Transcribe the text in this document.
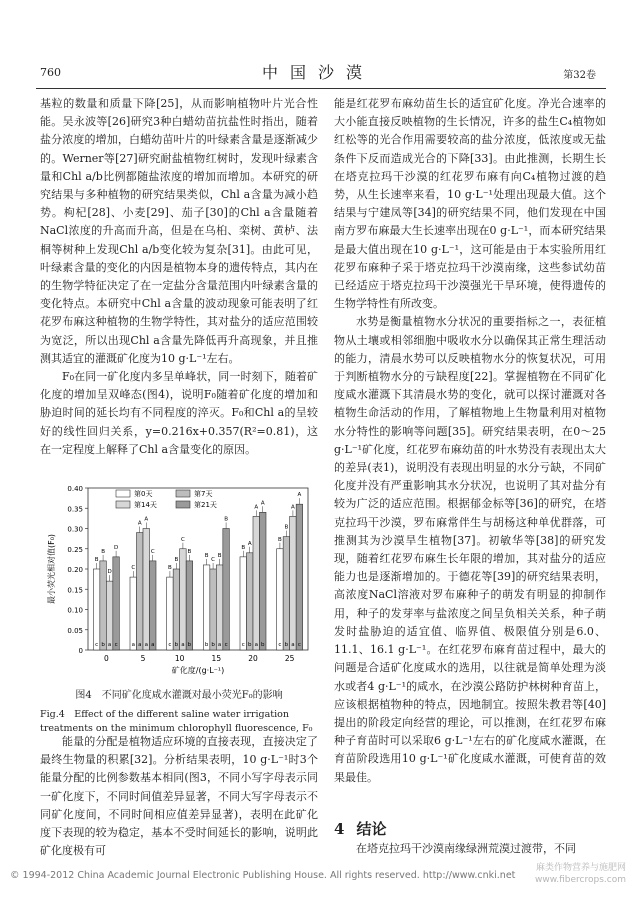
760	中国沙漠	第32卷

基粒的数量和质量下降[25]，从而影响植物叶片光合性能。吴永波等[26]研究3种白蜡幼苗抗盐性时指出，随着盐分浓度的增加，白蜡幼苗叶片的叶绿素含量是逐渐减少的。Werner等[27]研究耐盐植物红树时，发现叶绿素含量和Chl a/b比例都随盐浓度的增加而增加。本研究的研究结果与多种植物的研究结果类似，Chl a含量为减小趋势。枸杞[28]、小麦[29]、茄子[30]的Chl a含量随着NaCl浓度的升高而升高，但是在乌桕、栾树、黄栌、法桐等树种上发现Chl a/b变化较为复杂[31]。由此可见，叶绿素含量的变化的内因是植物本身的遗传特点，其内在的生物学特征决定了在一定盐分含量范围内叶绿素含量的变化特点。本研究中Chl a含量的波动现象可能表明了红花罗布麻这种植物的生物学特性，其对盐分的适应范围较为宽泛，所以出现Chl a含量先降低再升高现象，并且推测其适宜的灌溉矿化度为10 g·L⁻¹左右。

F₀在同一矿化度内多呈单峰状，同一时刻下，随着矿化度的增加呈双峰态(图4)，说明F₀随着矿化度的增加和胁迫时间的延长均有不同程度的淬灭。F₀和Chl a的呈较好的线性回归关系，y=0.216x+0.357(R²=0.81)，这在一定程度上解释了Chl a含量变化的原因。

0
0.05
0.10
0.15
0.20
0.25
0.30
0.35
0.40
最小荧光相对值(F₀)
0
B
c
B
b
D
a
D
c
5
C
a
A
a
A
a
C
a
10
B
c
B
b
C
a
B
b
15
B
b
C
b
B
a
B
c
20
B
c
A
b
A
a
A
b
25
B
c
B
b
A
a
A
c
矿化度/(g·L⁻¹)
第0天	第7天
第14天	第21天
图4　不同矿化度咸水灌溉对最小荧光F₀的影响
Fig.4　Effect of the different saline water irrigation treatments on the minimum chlorophyll fluorescence, F₀

能量的分配是植物适应环境的直接表现，直接决定了最终生物量的积累[32]。分析结果表明，10 g·L⁻¹时3个能量分配的比例参数基本相同(图3，不同小写字母表示同一矿化度下，不同时间值差异显著，不同大写字母表示不同矿化度间，不同时间相应值差异显著)，表明在此矿化度下表现的较为稳定，基本不受时间延长的影响，说明此矿化度极有可

能是红花罗布麻幼苗生长的适宜矿化度。净光合速率的大小能直接反映植物的生长情况，许多的盐生C₄植物如红松等的光合作用需要较高的盐分浓度，低浓度或无盐条件下反而造成光合的下降[33]。由此推测，长期生长在塔克拉玛干沙漠的红花罗布麻有向C₄植物过渡的趋势，从生长速率来看，10 g·L⁻¹处理出现最大值。这个结果与宁建凤等[34]的研究结果不同，他们发现在中国南方罗布麻最大生长速率出现在0 g·L⁻¹，而本研究结果是最大值出现在10 g·L⁻¹，这可能是由于本实验所用红花罗布麻种子采于塔克拉玛干沙漠南缘，这些参试幼苗已经适应于塔克拉玛干沙漠强光干旱环境，使得遗传的生物学特性有所改变。

水势是衡量植物水分状况的重要指标之一，表征植物从土壤或相邻细胞中吸收水分以确保其正常生理活动的能力，清晨水势可以反映植物水分的恢复状况，可用于判断植物水分的亏缺程度[22]。掌握植物在不同矿化度咸水灌溉下其清晨水势的变化，就可以探讨灌溉对各植物生命活动的作用，了解植物地上生物量利用对植物水分特性的影响等问题[35]。研究结果表明，在0～25 g·L⁻¹矿化度，红花罗布麻幼苗的叶水势没有表现出太大的差异(表1)，说明没有表现出明显的水分亏缺，不同矿化度并没有严重影响其水分状况，也说明了其对盐分有较为广泛的适应范围。根据郁金标等[36]的研究，在塔克拉玛干沙漠，罗布麻常伴生与胡杨这种单优群落，可推测其为沙漠旱生植物[37]。初敏华等[38]的研究发现，随着红花罗布麻生长年限的增加，其对盐分的适应能力也是逐渐增加的。于德花等[39]的研究结果表明，高浓度NaCl溶液对罗布麻种子的萌发有明显的抑制作用，种子的发芽率与盐浓度之间呈负相关关系，种子萌发时盐胁迫的适宜值、临界值、极限值分别是6.0、11.1、16.1 g·L⁻¹。在红花罗布麻育苗过程中，最大的问题是合适矿化度咸水的选用，以往就是简单处理为淡水或者4 g·L⁻¹的咸水，在沙漠公路防护林树种育苗上，应该根据植物种的特点，因地制宜。按照朱教君等[40]提出的阶段定向经营的理论，可以推测，在红花罗布麻种子育苗时可以采取6 g·L⁻¹左右的矿化度咸水灌溉，在育苗阶段选用10 g·L⁻¹矿化度咸水灌溉，可使育苗的效果最佳。

4 结论
在塔克拉玛干沙漠南缘绿洲荒漠过渡带，不同
© 1994-2012 China Academic Journal Electronic Publishing House. All rights reserved. http://www.cnki.net
麻类作物营养与施肥网
www.fibercrops.com
